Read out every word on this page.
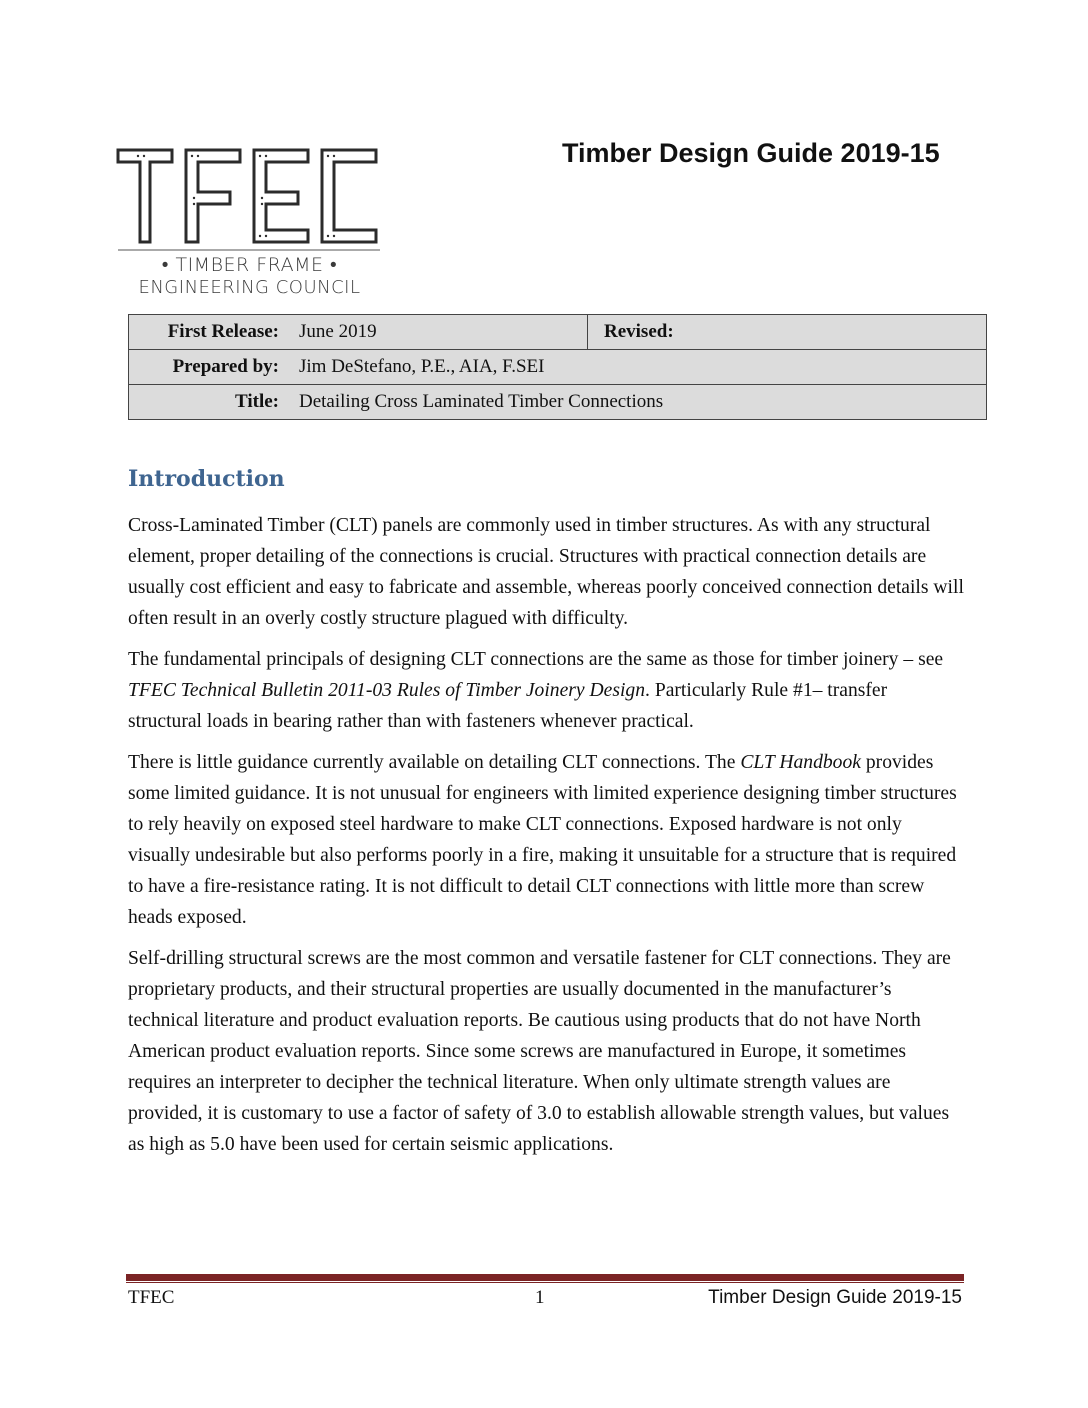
• TIMBER FRAME •
ENGINEERING COUNCIL
Timber Design Guide 2019-15
First Release:	June 2019	Revised:
Prepared by:	Jim DeStefano, P.E., AIA, F.SEI	
Title:	Detailing Cross Laminated Timber Connections	
Introduction

Cross-Laminated Timber (CLT) panels are commonly used in timber structures. As with any structural element, proper detailing of the connections is crucial. Structures with practical connection details are usually cost efficient and easy to fabricate and assemble, whereas poorly conceived connection details will often result in an overly costly structure plagued with difficulty.

The fundamental principals of designing CLT connections are the same as those for timber joinery – see TFEC Technical Bulletin 2011-03 Rules of Timber Joinery Design. Particularly Rule #1– transfer structural loads in bearing rather than with fasteners whenever practical.

There is little guidance currently available on detailing CLT connections. The CLT Handbook provides some limited guidance. It is not unusual for engineers with limited experience designing timber structures to rely heavily on exposed steel hardware to make CLT connections. Exposed hardware is not only visually undesirable but also performs poorly in a fire, making it unsuitable for a structure that is required to have a fire-resistance rating. It is not difficult to detail CLT connections with little more than screw heads exposed.

Self-drilling structural screws are the most common and versatile fastener for CLT connections. They are proprietary products, and their structural properties are usually documented in the manufacturer’s technical literature and product evaluation reports. Be cautious using products that do not have North American product evaluation reports. Since some screws are manufactured in Europe, it sometimes requires an interpreter to decipher the technical literature. When only ultimate strength values are provided, it is customary to use a factor of safety of 3.0 to establish allowable strength values, but values as high as 5.0 have been used for certain seismic applications.

TFEC	1	Timber Design Guide 2019-15
